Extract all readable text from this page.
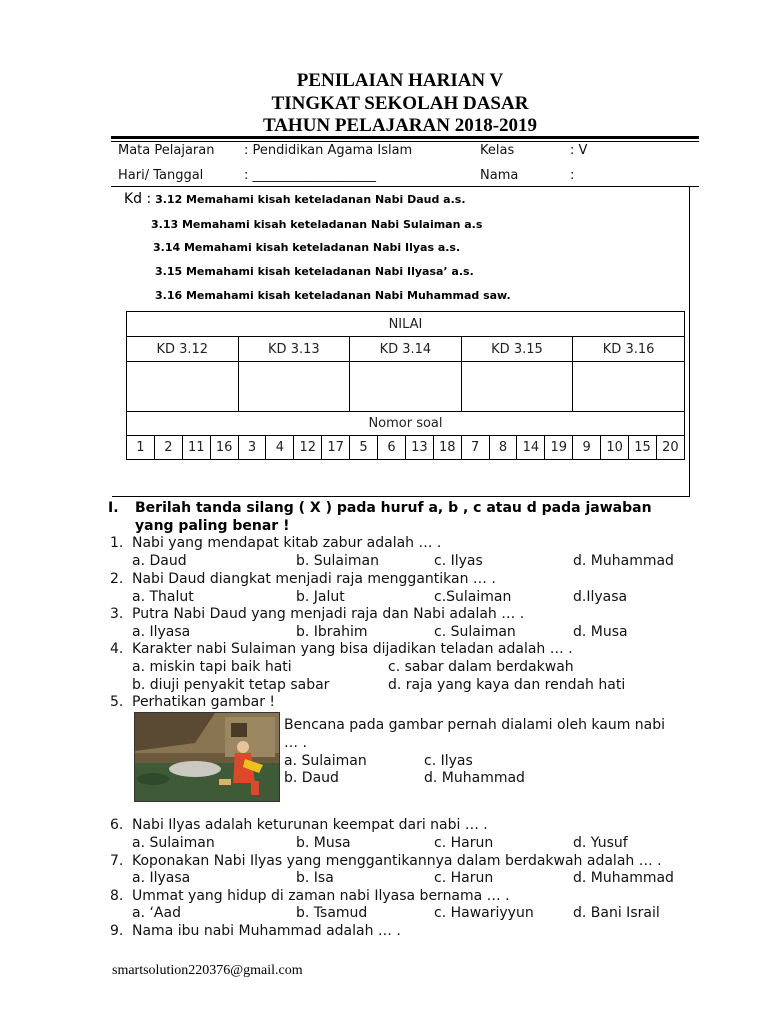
PENILAIAN HARIAN V
TINGKAT SEKOLAH DASAR
TAHUN PELAJARAN 2018-2019
Mata Pelajaran : Pendidikan Agama Islam	Kelas	: V
Hari/ Tanggal	: ___________________	Nama	:
Kd : 3.12 Memahami kisah keteladanan Nabi Daud a.s.
3.13 Memahami kisah keteladanan Nabi Sulaiman a.s
3.14 Memahami kisah keteladanan Nabi Ilyas a.s.
3.15 Memahami kisah keteladanan Nabi Ilyasa’ a.s.
3.16 Memahami kisah keteladanan Nabi Muhammad saw.
NILAI																			
KD 3.12				KD 3.13				KD 3.14				KD 3.15				KD 3.16			

Nomor soal																			
1	2	11	16	3	4	12	17	5	6	13	18	7	8	14	19	9	10	15	20
I. Berilah tanda silang ( X ) pada huruf a, b , c atau d pada jawaban
yang paling benar !
1. Nabi yang mendapat kitab zabur adalah … .
a. Daud	b. Sulaiman	c. Ilyas	d. Muhammad
2. Nabi Daud diangkat menjadi raja menggantikan … .
a. Thalut	b. Jalut	c.Sulaiman	d.Ilyasa
3. Putra Nabi Daud yang menjadi raja dan Nabi adalah … .
a. Ilyasa	b. Ibrahim	c. Sulaiman	d. Musa
4. Karakter nabi Sulaiman yang bisa dijadikan teladan adalah … .
a. miskin tapi baik hati	c. sabar dalam berdakwah
b. diuji penyakit tetap sabar	d. raja yang kaya dan rendah hati
5. Perhatikan gambar !
Bencana pada gambar pernah dialami oleh kaum nabi
… .
a. Sulaiman	c. Ilyas
b. Daud	d. Muhammad
6. Nabi Ilyas adalah keturunan keempat dari nabi … .
a. Sulaiman	b. Musa	c. Harun	d. Yusuf
7. Koponakan Nabi Ilyas yang menggantikannya dalam berdakwah adalah … .
a. Ilyasa	b. Isa	c. Harun	d. Muhammad
8. Ummat yang hidup di zaman nabi Ilyasa bernama … .
a. ‘Aad	b. Tsamud	c. Hawariyyun	d. Bani Israil
9. Nama ibu nabi Muhammad adalah … .
smartsolution220376@gmail.com
